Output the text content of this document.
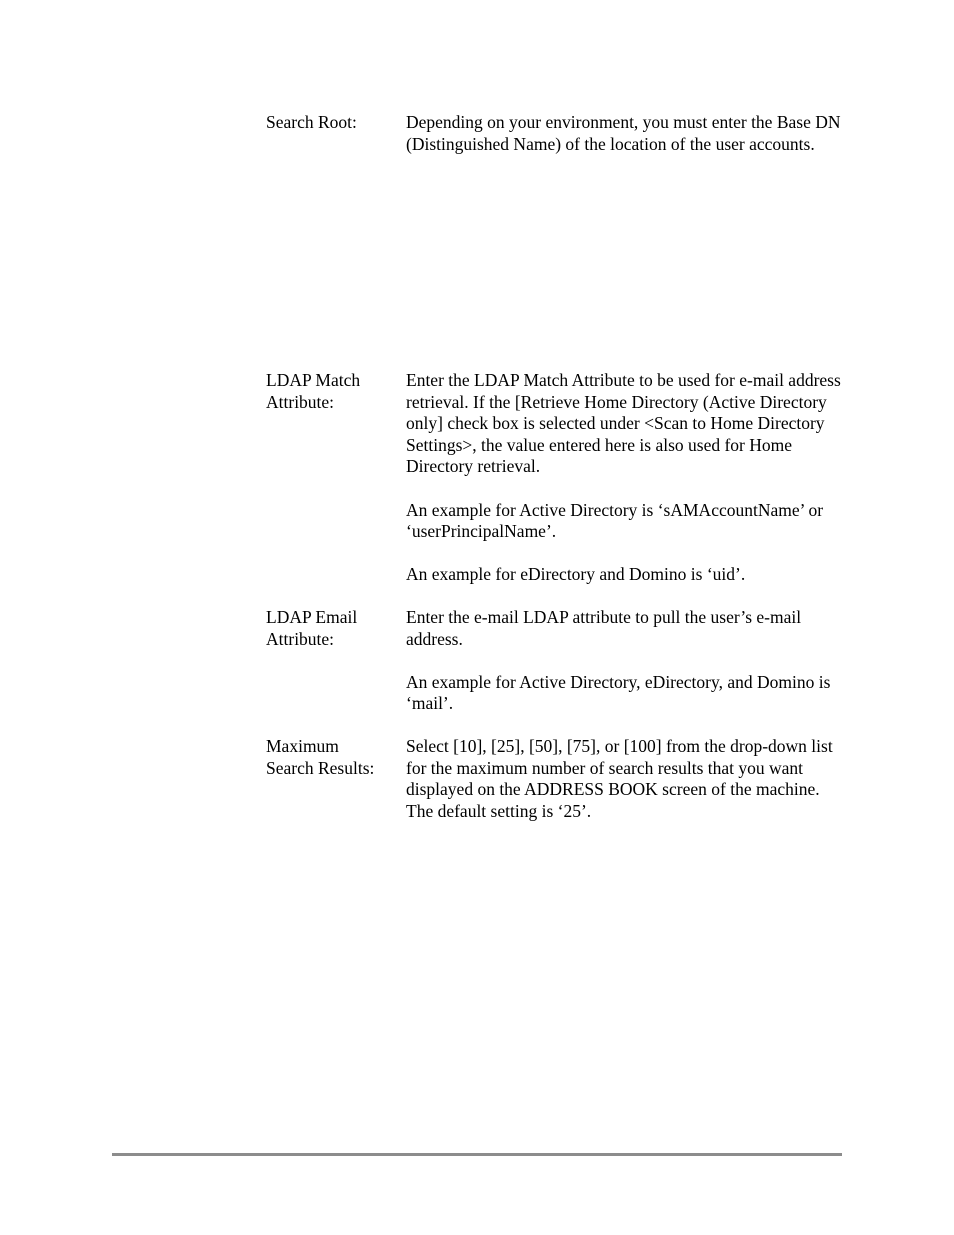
Search Root:	Depending on your environment, you must enter the Base DN (Distinguished Name) of the location of the user accounts.

LDAP Match
Attribute:

Enter the LDAP Match Attribute to be used for e-mail address retrieval. If the [Retrieve Home Directory (Active Directory only] check box is selected under <Scan to Home Directory Settings>, the value entered here is also used for Home Directory retrieval.

An example for Active Directory is ‘sAMAccountName’ or ‘userPrincipalName’.

An example for eDirectory and Domino is ‘uid’.

LDAP Email
Attribute:

Enter the e-mail LDAP attribute to pull the user’s e-mail address.

An example for Active Directory, eDirectory, and Domino is ‘mail’.

Maximum
Search Results:

Select [10], [25], [50], [75], or [100] from the drop-down list for the maximum number of search results that you want displayed on the ADDRESS BOOK screen of the machine. The default setting is ‘25’.
